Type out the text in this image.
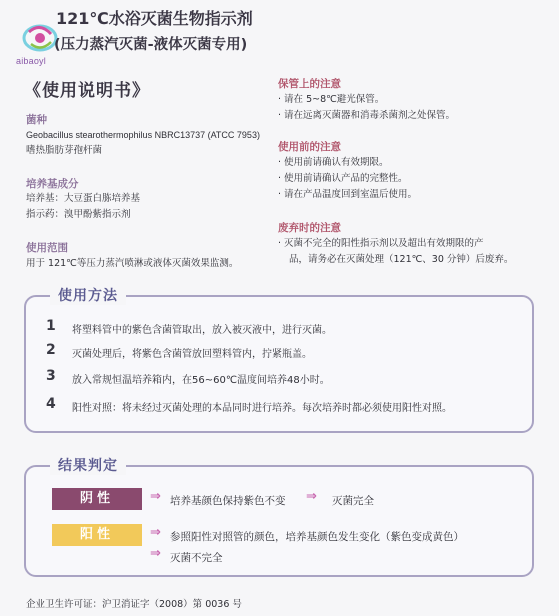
aibaoyl
121℃水浴灭菌生物指示剂
(压力蒸汽灭菌-液体灭菌专用)
《使用说明书》
菌种
Geobacillus stearothermophilus NBRC13737 (ATCC 7953)
嗜热脂肪芽孢杆菌
培养基成分
培养基：大豆蛋白胨培养基
指示药：溴甲酚紫指示剂
使用范围
用于 121℃等压力蒸汽喷淋或液体灭菌效果监测。
保管上的注意
· 请在 5~8℃避光保管。
· 请在远离灭菌器和消毒杀菌剂之处保管。
使用前的注意
· 使用前请确认有效期限。
· 使用前请确认产品的完整性。
· 请在产品温度回到室温后使用。
废弃时的注意
· 灭菌不完全的阳性指示剂以及超出有效期限的产
品，请务必在灭菌处理（121℃、30 分钟）后废弃。
使用方法
1 将塑料管中的紫色含菌管取出，放入被灭液中，进行灭菌。
2 灭菌处理后，将紫色含菌管放回塑料管内，拧紧瓶盖。
3 放入常规恒温培养箱内，在56~60℃温度间培养48小时。
4 阳性对照：将未经过灭菌处理的本品同时进行培养。每次培养时都必须使用阳性对照。
结果判定
阴性	⇒ 培养基颜色保持紫色不变 ⇒ 灭菌完全
阳性	⇒ 参照阳性对照管的颜色，培养基颜色发生变化（紫色变成黄色）
⇒ 灭菌不完全
企业卫生许可证：沪卫消证字（2008）第 0036 号
